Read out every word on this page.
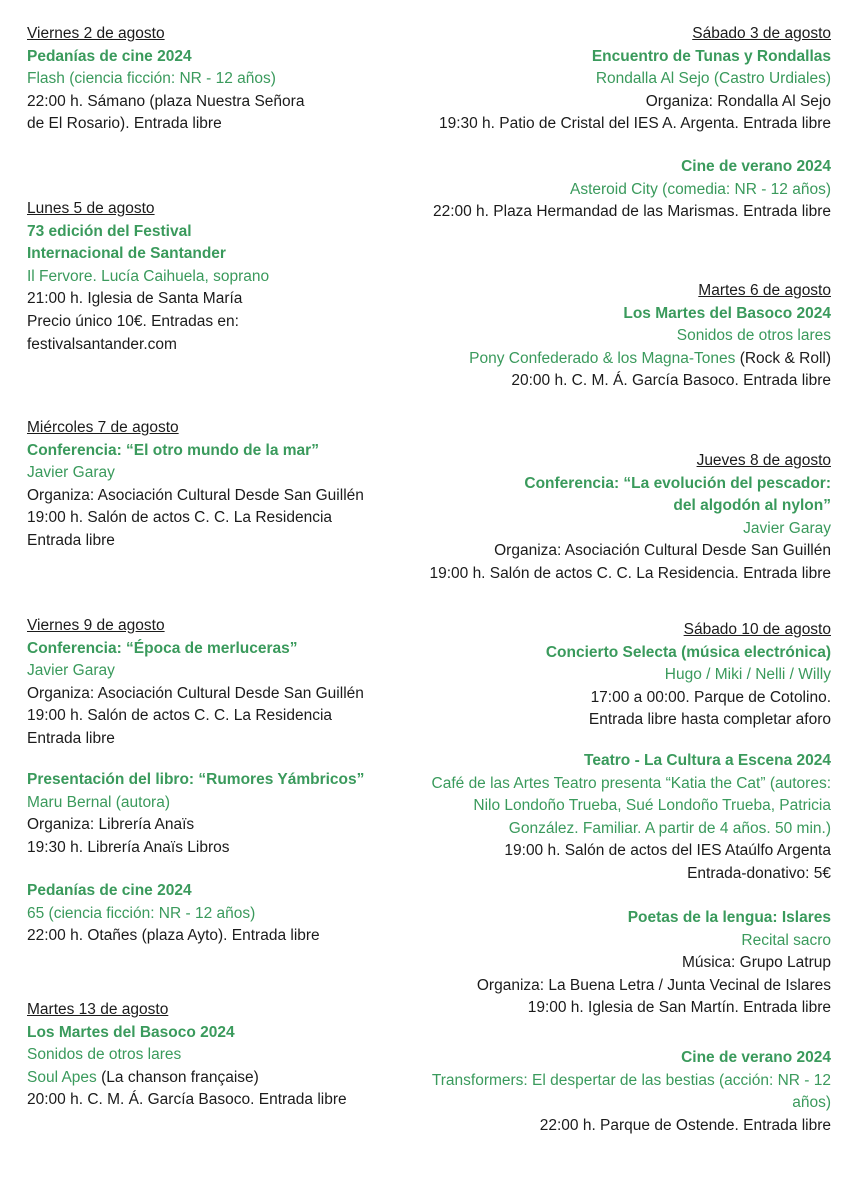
Viernes 2 de agosto
Pedanías de cine 2024
Flash (ciencia ficción: NR - 12 años)
22:00 h. Sámano (plaza Nuestra Señora de El Rosario). Entrada libre
Lunes 5 de agosto
73 edición del Festival Internacional de Santander
Il Fervore. Lucía Caihuela, soprano
21:00 h. Iglesia de Santa María
Precio único 10€. Entradas en: festivalsantander.com
Miércoles 7 de agosto
Conferencia: “El otro mundo de la mar”
Javier Garay
Organiza: Asociación Cultural Desde San Guillén
19:00 h. Salón de actos C. C. La Residencia
Entrada libre
Viernes 9 de agosto
Conferencia: “Época de merluceras”
Javier Garay
Organiza: Asociación Cultural Desde San Guillén
19:00 h. Salón de actos C. C. La Residencia
Entrada libre
Presentación del libro: “Rumores Yámbricos”
Maru Bernal (autora)
Organiza: Librería Anaïs
19:30 h. Librería Anaïs Libros
Pedanías de cine 2024
65 (ciencia ficción: NR - 12 años)
22:00 h. Otañes (plaza Ayto). Entrada libre
Martes 13 de agosto
Los Martes del Basoco 2024
Sonidos de otros lares
Soul Apes (La chanson française)
20:00 h. C. M. Á. García Basoco. Entrada libre
Sábado 3 de agosto
Encuentro de Tunas y Rondallas
Rondalla Al Sejo (Castro Urdiales)
Organiza: Rondalla Al Sejo
19:30 h. Patio de Cristal del IES A. Argenta. Entrada libre
Cine de verano 2024
Asteroid City (comedia: NR - 12 años)
22:00 h. Plaza Hermandad de las Marismas. Entrada libre
Martes 6 de agosto
Los Martes del Basoco 2024
Sonidos de otros lares
Pony Confederado & los Magna-Tones (Rock & Roll)
20:00 h. C. M. Á. García Basoco. Entrada libre
Jueves 8 de agosto
Conferencia: “La evolución del pescador: del algodón al nylon”
Javier Garay
Organiza: Asociación Cultural Desde San Guillén
19:00 h. Salón de actos C. C. La Residencia. Entrada libre
Sábado 10 de agosto
Concierto Selecta (música electrónica)
Hugo / Miki / Nelli / Willy
17:00 a 00:00. Parque de Cotolino. Entrada libre hasta completar aforo
Teatro - La Cultura a Escena 2024
Café de las Artes Teatro presenta “Katia the Cat” (autores: Nilo Londoño Trueba, Sué Londoño Trueba, Patricia González. Familiar. A partir de 4 años. 50 min.)
19:00 h. Salón de actos del IES Ataúlfo Argenta
Entrada-donativo: 5€
Poetas de la lengua: Islares
Recital sacro
Música: Grupo Latrup
Organiza: La Buena Letra / Junta Vecinal de Islares
19:00 h. Iglesia de San Martín. Entrada libre
Cine de verano 2024
Transformers: El despertar de las bestias (acción: NR - 12 años)
22:00 h. Parque de Ostende. Entrada libre
